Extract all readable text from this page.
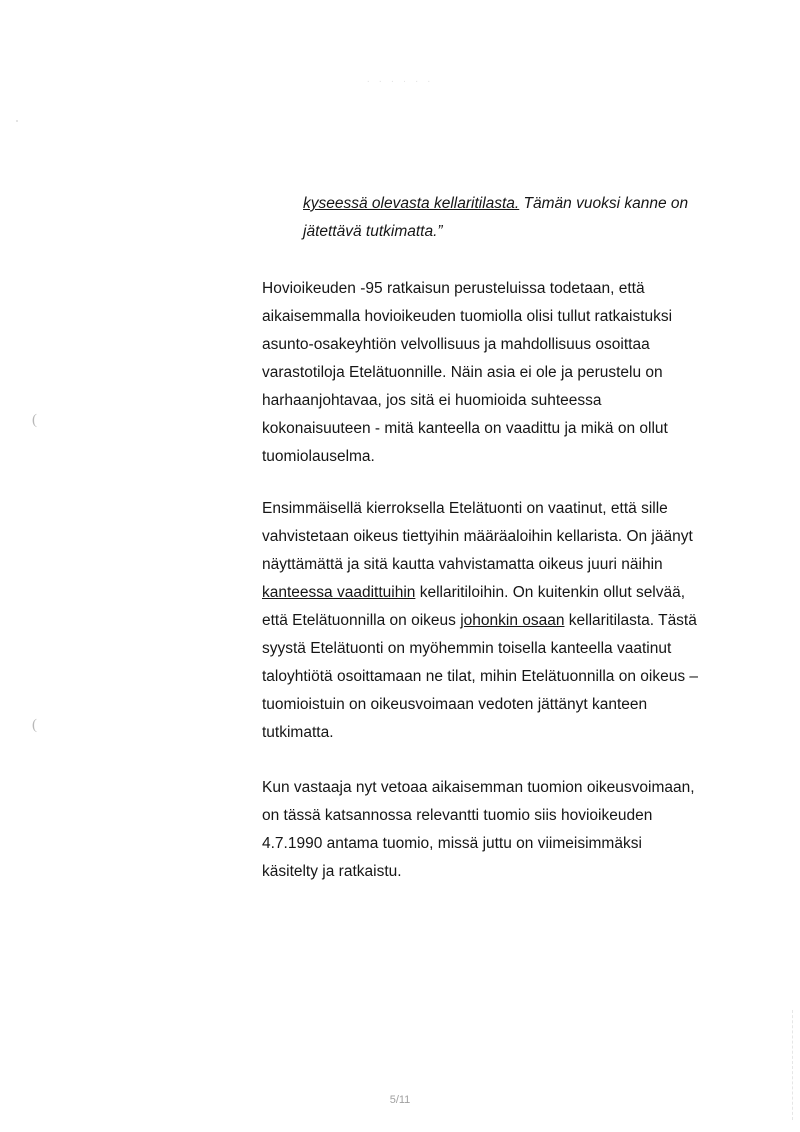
· · · · · ·
(
(

kyseessä olevasta kellaritilasta. Tämän vuoksi kanne on jätettävä tutkimatta.”

Hovioikeuden -95 ratkaisun perusteluissa todetaan, että aikaisemmalla hovioikeuden tuomiolla olisi tullut ratkaistuksi asunto-osakeyhtiön velvollisuus ja mahdollisuus osoittaa varastotiloja Etelätuonnille. Näin asia ei ole ja perustelu on harhaanjohtavaa, jos sitä ei huomioida suhteessa kokonaisuuteen - mitä kanteella on vaadittu ja mikä on ollut tuomiolauselma.

Ensimmäisellä kierroksella Etelätuonti on vaatinut, että sille vahvistetaan oikeus tiettyihin määräaloihin kellarista. On jäänyt näyttämättä ja sitä kautta vahvistamatta oikeus juuri näihin kanteessa vaadittuihin kellaritiloihin. On kuitenkin ollut selvää, että Etelätuonnilla on oikeus johonkin osaan kellaritilasta. Tästä syystä Etelätuonti on myöhemmin toisella kanteella vaatinut taloyhtiötä osoittamaan ne tilat, mihin Etelätuonnilla on oikeus – tuomioistuin on oikeusvoimaan vedoten jättänyt kanteen tutkimatta.

Kun vastaaja nyt vetoaa aikaisemman tuomion oikeusvoimaan, on tässä katsannossa relevantti tuomio siis hovioikeuden 4.7.1990 antama tuomio, missä juttu on viimeisimmäksi käsitelty ja ratkaistu.

5/11
